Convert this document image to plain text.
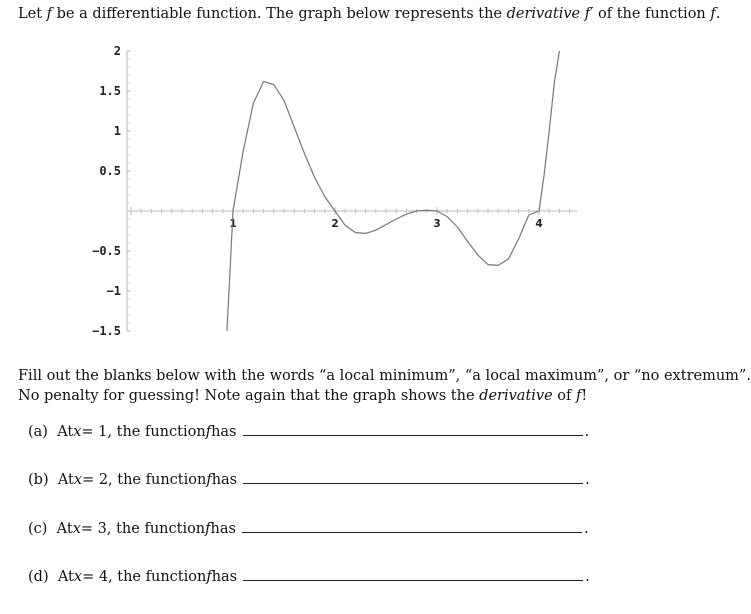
Let f be a differentiable function. The graph below represents the derivative f′ of the function f.
2
1.5
1
0.5
−0.5
−1
−1.5
1	2	3	4
Fill out the blanks below with the words “a local minimum”, “a local maximum”, or “no extremum”.
No penalty for guessing! Note again that the graph shows the derivative of f!
(a)
At x = 1, the function f has	.
(b)
At x = 2, the function f has	.
(c)
At x = 3, the function f has	.
(d)
At x = 4, the function f has	.
